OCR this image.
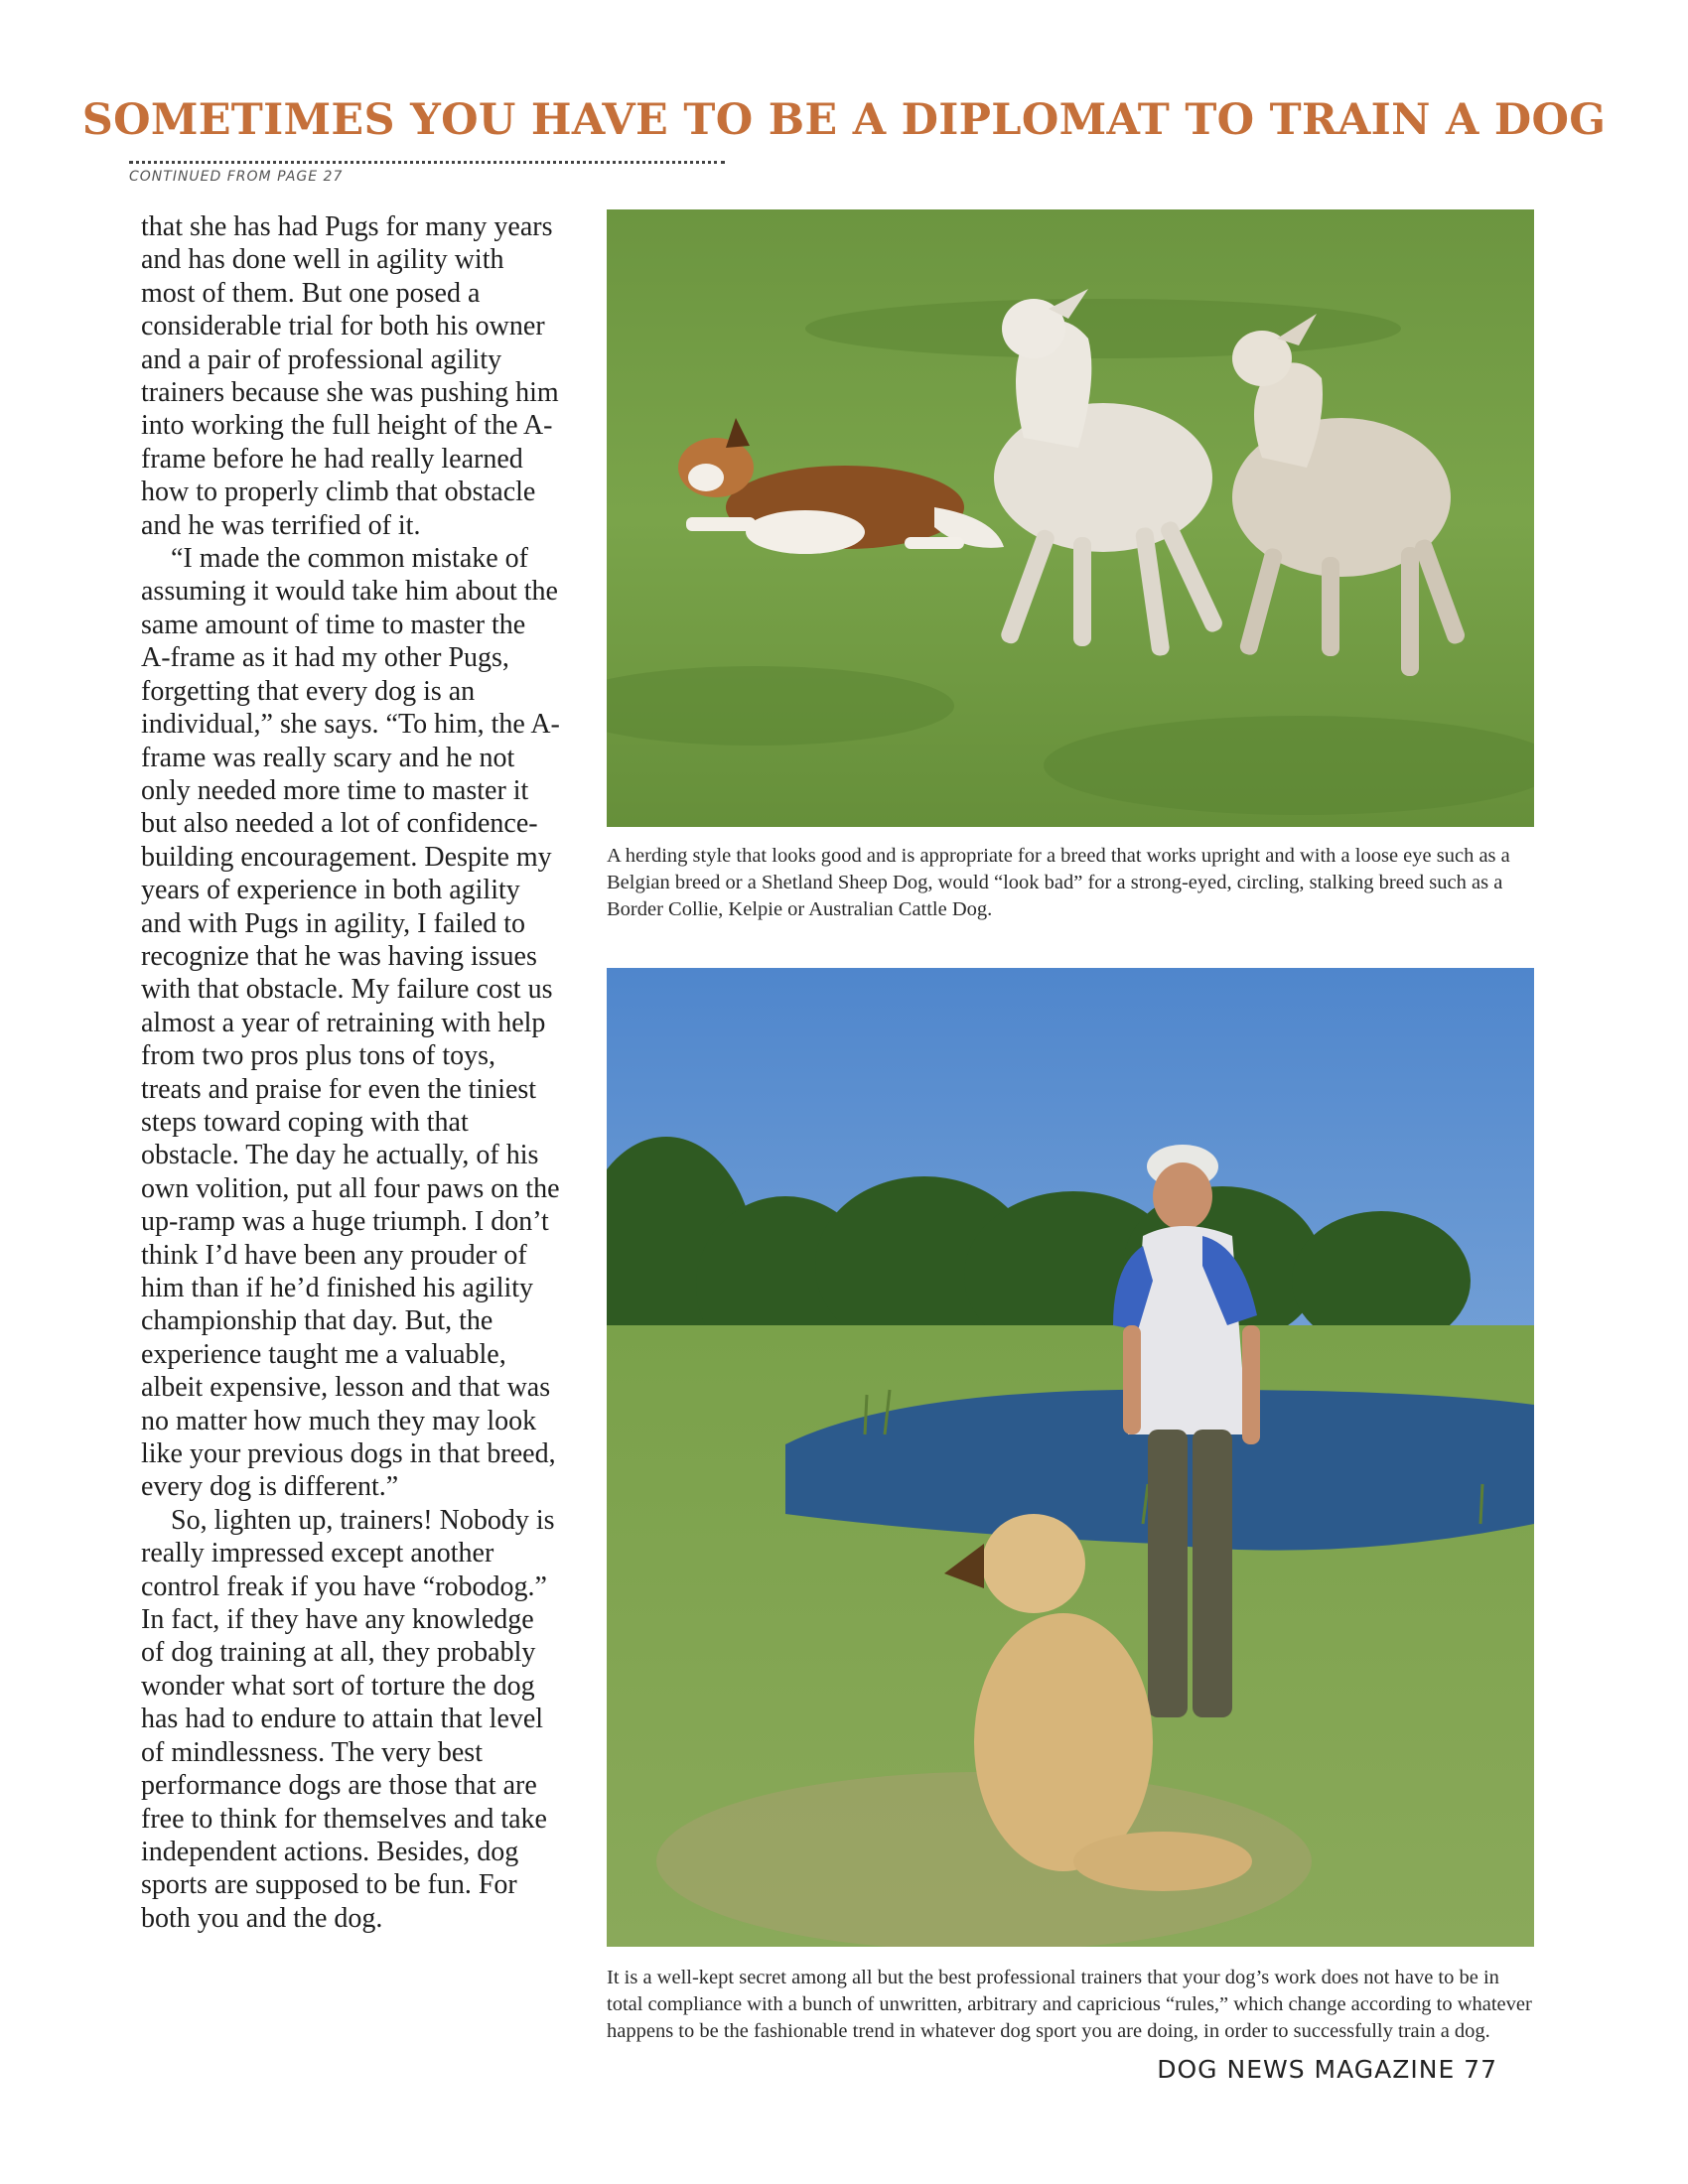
SOMETIMES YOU HAVE TO BE A DIPLOMAT TO TRAIN A DOG

CONTINUED FROM PAGE 27

that she has had Pugs for many years and has done well in agility with most of them. But one posed a considerable trial for both his owner and a pair of professional agility trainers because she was pushing him into working the full height of the A-frame before he had really learned how to properly climb that obstacle and he was terrified of it.

“I made the common mistake of assuming it would take him about the same amount of time to master the A-frame as it had my other Pugs, forgetting that every dog is an individual,” she says. “To him, the A-frame was really scary and he not only needed more time to master it but also needed a lot of confidence-building encouragement. Despite my years of experience in both agility and with Pugs in agility, I failed to recognize that he was having issues with that obstacle. My failure cost us almost a year of retraining with help from two pros plus tons of toys, treats and praise for even the tiniest steps toward coping with that obstacle. The day he actually, of his own volition, put all four paws on the up-ramp was a huge triumph. I don’t think I’d have been any prouder of him than if he’d finished his agility championship that day. But, the experience taught me a valuable, albeit expensive, lesson and that was no matter how much they may look like your previous dogs in that breed, every dog is different.”

So, lighten up, trainers! Nobody is really impressed except another control freak if you have “robodog.” In fact, if they have any knowledge of dog training at all, they probably wonder what sort of torture the dog has had to endure to attain that level of mindlessness. The very best performance dogs are those that are free to think for themselves and take independent actions. Besides, dog sports are supposed to be fun. For both you and the dog.

A herding style that looks good and is appropriate for a breed that works upright and with a loose eye such as a Belgian breed or a Shetland Sheep Dog, would “look bad” for a strong-eyed, circling, stalking breed such as a Border Collie, Kelpie or Australian Cattle Dog.

It is a well-kept secret among all but the best professional trainers that your dog’s work does not have to be in total compliance with a bunch of unwritten, arbitrary and capricious “rules,” which change according to whatever happens to be the fashionable trend in whatever dog sport you are doing, in order to successfully train a dog.

DOG NEWS MAGAZINE 77
